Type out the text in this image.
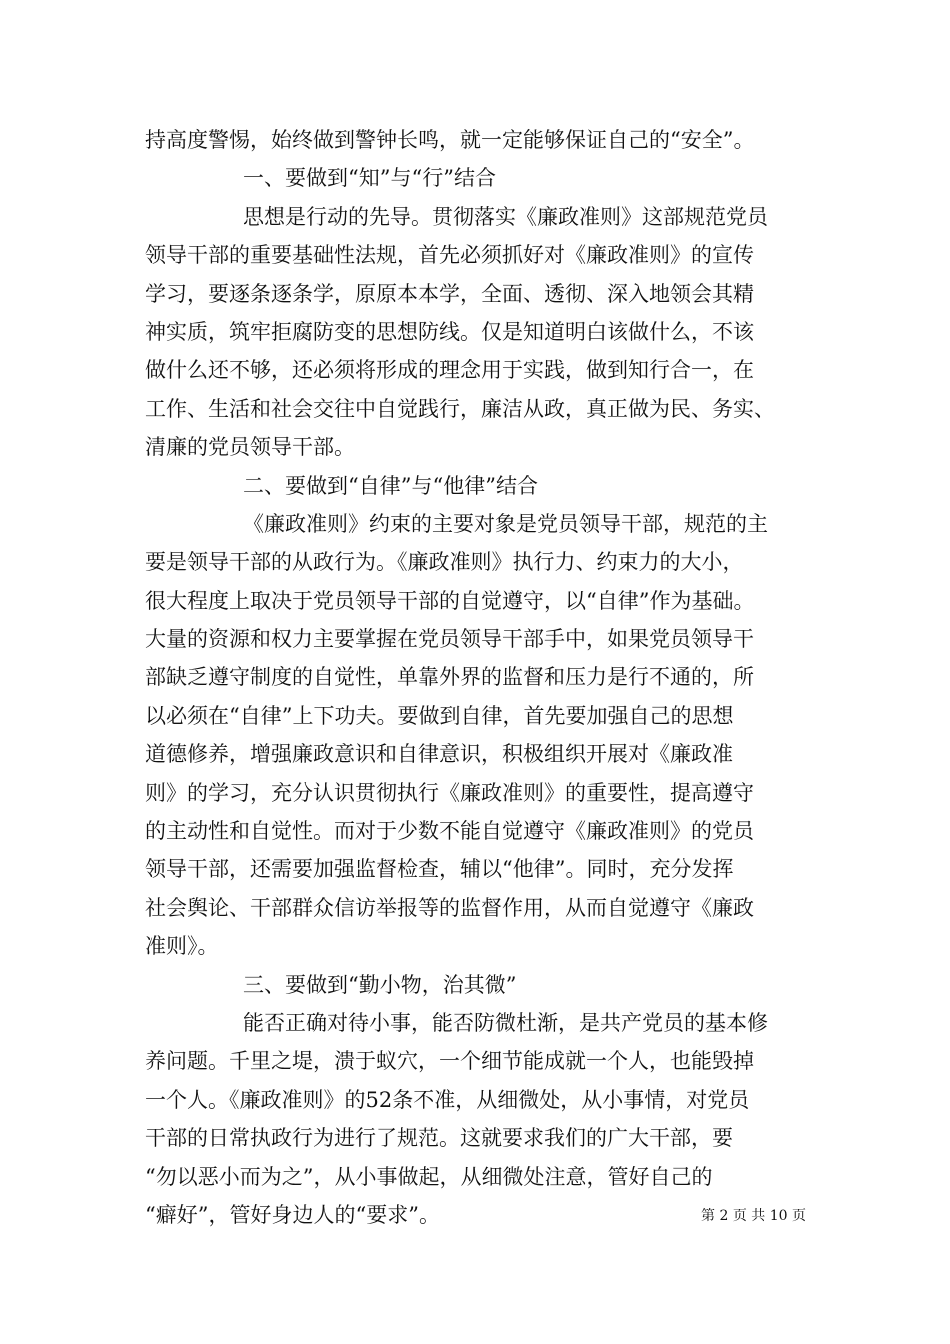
持高度警惕，始终做到警钟长鸣，就一定能够保证自己的“安全”。
一、要做到“知”与“行”结合
思想是行动的先导。贯彻落实《廉政准则》这部规范党员
领导干部的重要基础性法规，首先必须抓好对《廉政准则》的宣传
学习，要逐条逐条学，原原本本学，全面、透彻、深入地领会其精
神实质，筑牢拒腐防变的思想防线。仅是知道明白该做什么，不该
做什么还不够，还必须将形成的理念用于实践，做到知行合一，在
工作、生活和社会交往中自觉践行，廉洁从政，真正做为民、务实、
清廉的党员领导干部。
二、要做到“自律”与“他律”结合
《廉政准则》约束的主要对象是党员领导干部，规范的主
要是领导干部的从政行为。《廉政准则》执行力、约束力的大小，
很大程度上取决于党员领导干部的自觉遵守，以“自律”作为基础。
大量的资源和权力主要掌握在党员领导干部手中，如果党员领导干
部缺乏遵守制度的自觉性，单靠外界的监督和压力是行不通的，所
以必须在“自律”上下功夫。要做到自律，首先要加强自己的思想
道德修养，增强廉政意识和自律意识，积极组织开展对《廉政准
则》的学习，充分认识贯彻执行《廉政准则》的重要性，提高遵守
的主动性和自觉性。而对于少数不能自觉遵守《廉政准则》的党员
领导干部，还需要加强监督检查，辅以“他律”。同时，充分发挥
社会舆论、干部群众信访举报等的监督作用，从而自觉遵守《廉政
准则》。
三、要做到“勤小物，治其微”
能否正确对待小事，能否防微杜渐，是共产党员的基本修
养问题。千里之堤，溃于蚁穴，一个细节能成就一个人，也能毁掉
一个人。《廉政准则》的52条不准，从细微处，从小事情，对党员
干部的日常执政行为进行了规范。这就要求我们的广大干部，要
“勿以恶小而为之”，从小事做起，从细微处注意，管好自己的
“癖好”，管好身边人的“要求”。	第 2 页 共 10 页
